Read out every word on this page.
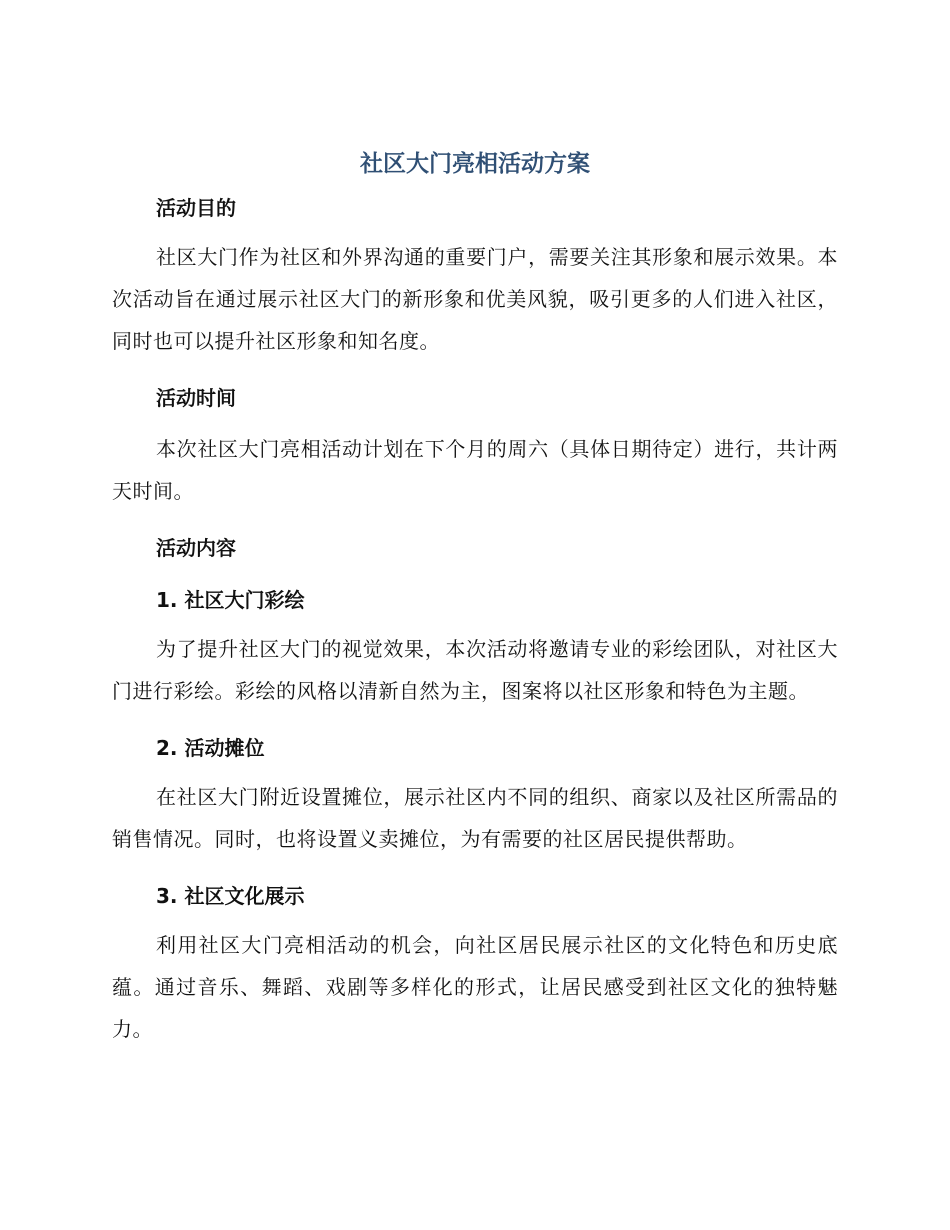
社区大门亮相活动方案
活动目的

社区大门作为社区和外界沟通的重要门户，需要关注其形象和展示效果。本次活动旨在通过展示社区大门的新形象和优美风貌，吸引更多的人们进入社区，同时也可以提升社区形象和知名度。

活动时间

本次社区大门亮相活动计划在下个月的周六（具体日期待定）进行，共计两天时间。

活动内容
1. 社区大门彩绘

为了提升社区大门的视觉效果，本次活动将邀请专业的彩绘团队，对社区大门进行彩绘。彩绘的风格以清新自然为主，图案将以社区形象和特色为主题。

2. 活动摊位

在社区大门附近设置摊位，展示社区内不同的组织、商家以及社区所需品的销售情况。同时，也将设置义卖摊位，为有需要的社区居民提供帮助。

3. 社区文化展示

利用社区大门亮相活动的机会，向社区居民展示社区的文化特色和历史底蕴。通过音乐、舞蹈、戏剧等多样化的形式，让居民感受到社区文化的独特魅力。
